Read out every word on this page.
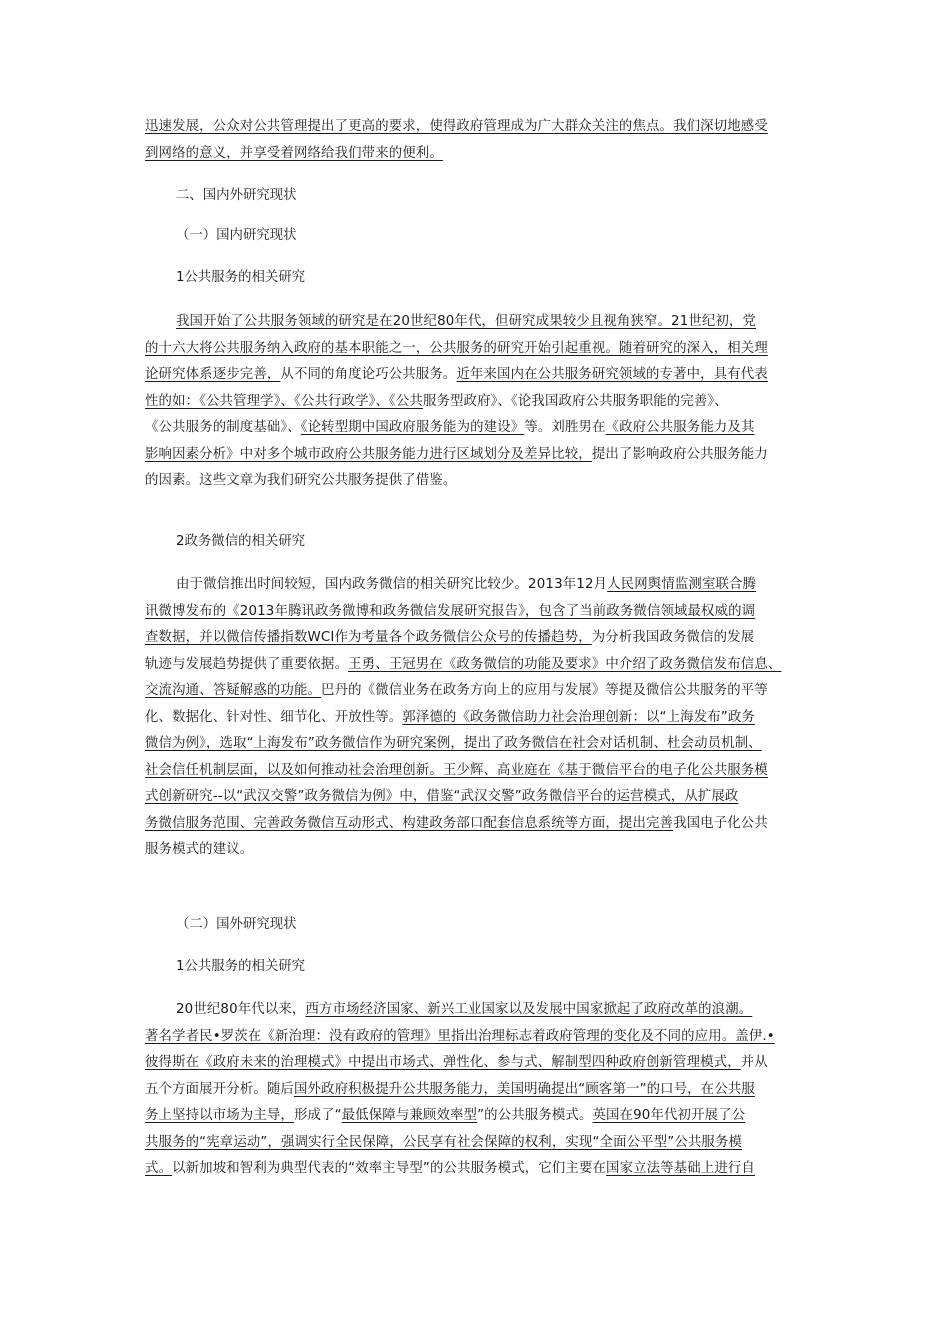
迅速发展，公众对公共管理提出了更高的要求，使得政府管理成为广大群众关注的焦点。我们深切地感受
到网络的意义，并享受着网络给我们带来的便利。

二、国内外研究现状

（一）国内研究现状

1公共服务的相关研究

我国开始了公共服务领域的研究是在20世纪80年代，但研究成果较少且视角狭窄。21世纪初，党
的十六大将公共服务纳入政府的基本职能之一，公共服务的研究开始引起重视。随着研究的深入，相关理
论研究体系逐步完善，从不同的角度论巧公共服务。近年来国内在公共服务研究领域的专著中，具有代表
性的如：《公共管理学》、《公共行政学》、《公共服务型政府》、《论我国政府公共服务职能的完善》、
《公共服务的制度基础》、《论转型期中国政府服务能为的建设》等。刘胜男在《政府公共服务能力及其
影响因素分析》中对多个城市政府公共服务能力进行区域划分及差异比较，提出了影响政府公共服务能力
的因素。这些文章为我们研究公共服务提供了借鉴。

2政务微信的相关研究

由于微信推出时间较短，国内政务微信的相关研究比较少。2013年12月人民网舆情监测室联合腾
讯微博发布的《2013年腾讯政务微博和政务微信发展研究报告》，包含了当前政务微信领域最权威的调
查数据，并以微信传播指数WCI作为考量各个政务微信公众号的传播趋势，为分析我国政务微信的发展
轨迹与发展趋势提供了重要依据。王勇、王冠男在《政务微信的功能及要求》中介绍了政务微信发布信息、
交流沟通、答疑解惑的功能。巴丹的《微信业务在政务方向上的应用与发展》等提及微信公共服务的平等
化、数据化、针对性、细节化、开放性等。郭泽德的《政务微信助力社会治理创新：以“上海发布”政务
微信为例》，选取“上海发布”政务微信作为研究案例，提出了政务微信在社会对话机制、杜会动员机制、
社会信任机制层面，以及如何推动社会治理创新。王少辉、高业庭在《基于微信平台的电子化公共服务模
式创新研究--以“武汉交警”政务微信为例》中，借鉴“武汉交警”政务微信平台的运营模式，从扩展政
务微信服务范围、完善政务微信互动形式、构建政务部口配套信息系统等方面，提出完善我国电子化公共
服务模式的建议。

（二）国外研究现状

1公共服务的相关研究

20世纪80年代以来，西方市场经济国家、新兴工业国家以及发展中国家掀起了政府改革的浪潮。
著名学者民•罗茨在《新治理：没有政府的管理》里指出治理标志着政府管理的变化及不同的应用。盖伊.•
彼得斯在《政府未来的治理模式》中提出市场式、弹性化、参与式、解制型四种政府创新管理模式，并从
五个方面展开分析。随后国外政府积极提升公共服务能力，美国明确提出“顾客第一”的口号，在公共服
务上坚持以市场为主导，形成了“最低保障与兼顾效率型”的公共服务模式。英国在90年代初开展了公
共服务的“宪章运动”，强调实行全民保障，公民享有社会保障的权利，实现“全面公平型”公共服务模
式。以新加坡和智利为典型代表的“效率主导型”的公共服务模式，它们主要在国家立法等基础上进行自
